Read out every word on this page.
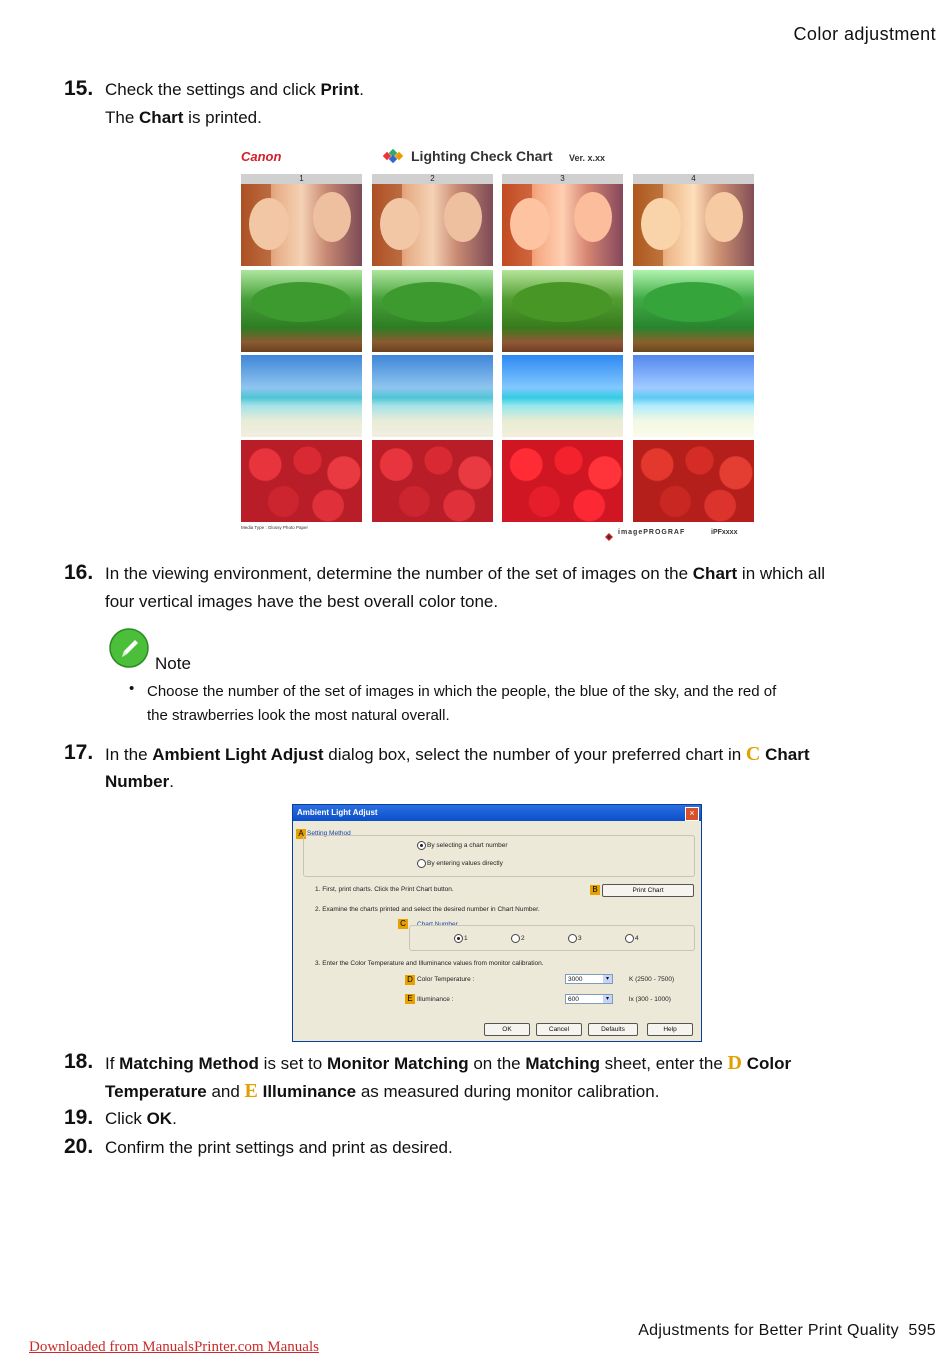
Color adjustment
15. Check the settings and click Print.
The Chart is printed.
Canon	Lighting Check Chart Ver. x.xx
1	2	3	4
Media Type : Glossy Photo Paper
imagePROGRAF	iPFxxxx
16. In the viewing environment, determine the number of the set of images on the Chart in which all
four vertical images have the best overall color tone.
Note
• Choose the number of the set of images in which the people, the blue of the sky, and the red of
the strawberries look the most natural overall.
17. In the Ambient Light Adjust dialog box, select the number of your preferred chart in C Chart
Number.
Ambient Light Adjust	×
A Setting Method
By selecting a chart number
By entering values directly
1. First, print charts. Click the Print Chart button.	B	Print Chart
2. Examine the charts printed and select the desired number in Chart Number.
C	Chart Number
1	2	3	4
3. Enter the Color Temperature and Illuminance values from monitor calibration.
D Color Temperature :	3000	▾	K (2500 - 7500)
E Illuminance :	600	▾	lx (300 - 1000)
OK	Cancel	Defaults	Help
18. If Matching Method is set to Monitor Matching on the Matching sheet, enter the D Color
Temperature and E Illuminance as measured during monitor calibration.
19. Click OK.
20. Confirm the print settings and print as desired.
Adjustments for Better Print Quality 595
Downloaded from ManualsPrinter.com Manuals
